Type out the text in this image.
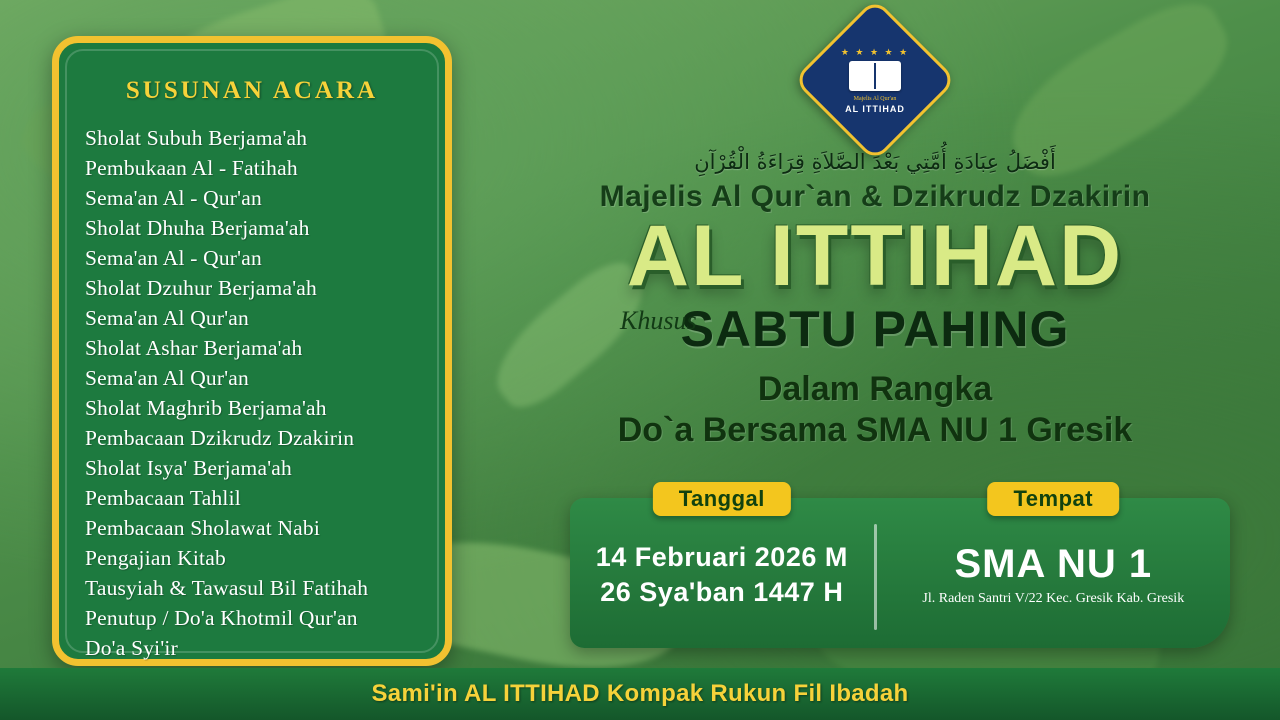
SUSUNAN ACARA
Sholat Subuh Berjama'ah
Pembukaan Al - Fatihah
Sema'an Al - Qur'an
Sholat Dhuha Berjama'ah
Sema'an Al - Qur'an
Sholat Dzuhur Berjama'ah
Sema'an Al Qur'an
Sholat Ashar Berjama'ah
Sema'an Al Qur'an
Sholat Maghrib Berjama'ah
Pembacaan Dzikrudz Dzakirin
Sholat Isya' Berjama'ah
Pembacaan Tahlil
Pembacaan Sholawat Nabi
Pengajian Kitab
Tausyiah & Tawasul Bil Fatihah
Penutup / Do'a Khotmil Qur'an
Do'a Syi'ir
★ ★ ★ ★ ★
Majelis Al Qur'an
AL ITTIHAD
أَفْضَلُ عِبَادَةِ أُمَّتِي بَعْدَ الصَّلاَةِ قِرَاءَةُ الْقُرْآنِ
Majelis Al Qur`an & Dzikrudz Dzakirin
AL ITTIHAD
Khusus
SABTU PAHING
Dalam Rangka
Do`a Bersama SMA NU 1 Gresik
Tanggal
14 Februari 2026 M
26 Sya'ban 1447 H
Tempat
SMA NU 1
Jl. Raden Santri V/22 Kec. Gresik Kab. Gresik
Sami'in AL ITTIHAD Kompak Rukun Fil Ibadah
